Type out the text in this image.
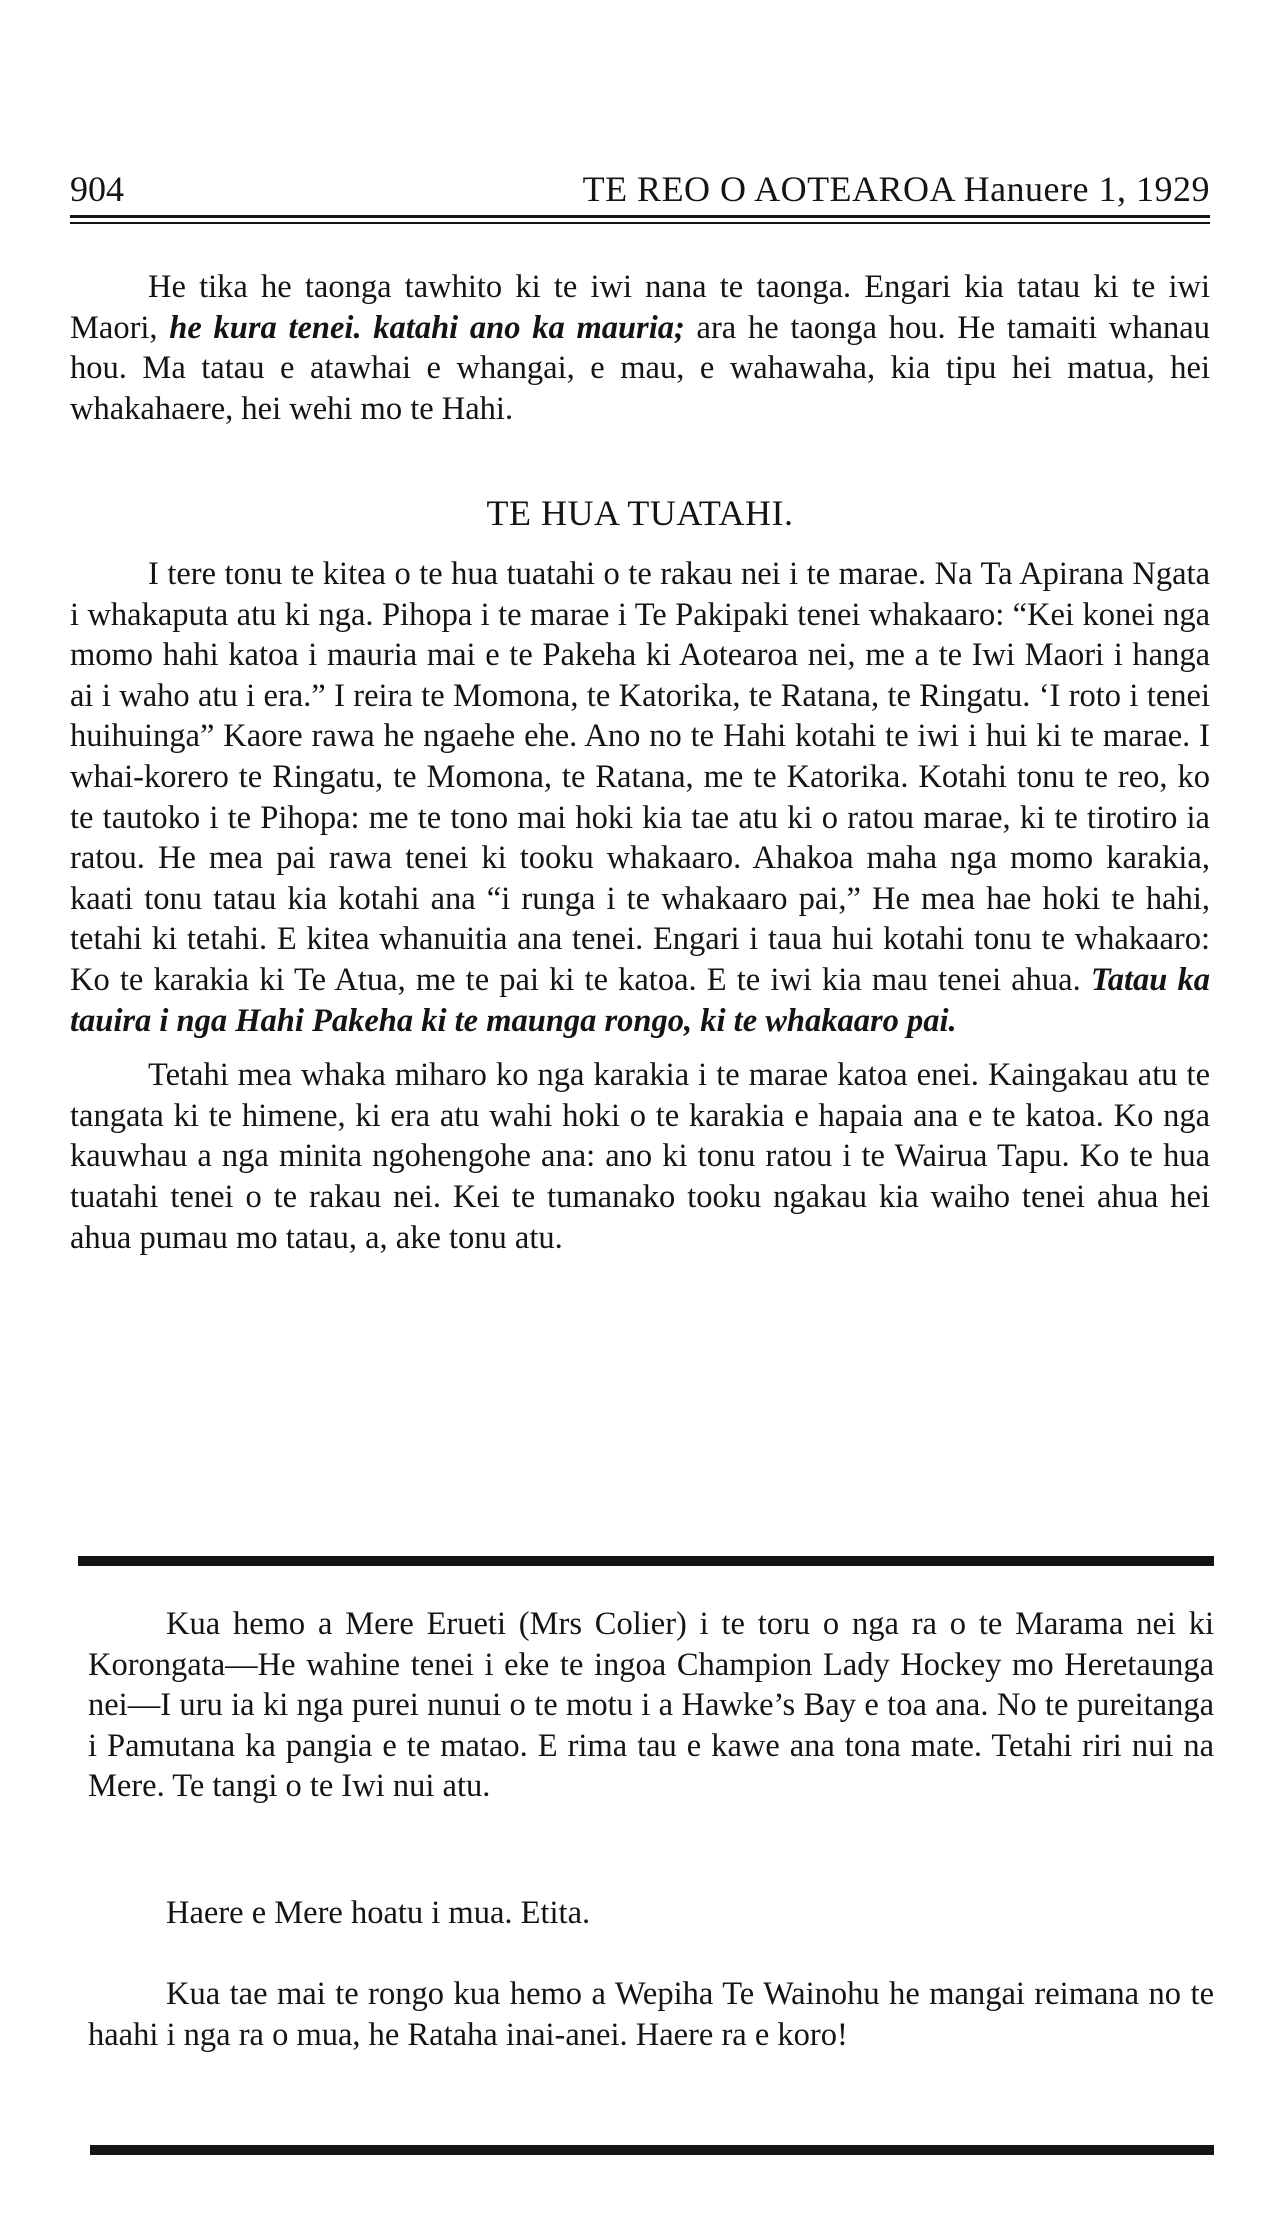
904	TE REO O AOTEAROA Hanuere 1, 1929

He tika he taonga tawhito ki te iwi nana te taonga. Engari kia tatau ki te iwi Maori, he kura tenei. katahi ano ka mauria; ara he taonga hou. He tamaiti whanau hou. Ma tatau e atawhai e whangai, e mau, e wahawaha, kia tipu hei matua, hei whakahaere, hei wehi mo te Hahi.

TE HUA TUATAHI.

I tere tonu te kitea o te hua tuatahi o te rakau nei i te marae. Na Ta Apirana Ngata i whakaputa atu ki nga. Pihopa i te marae i Te Pakipaki tenei whakaaro: “Kei konei nga momo hahi katoa i mauria mai e te Pakeha ki Aotearoa nei, me a te Iwi Maori i hanga ai i waho atu i era.” I reira te Momona, te Katorika, te Ratana, te Ringatu. ‘I roto i tenei huihuinga” Kaore rawa he ngaehe ehe. Ano no te Hahi kotahi te iwi i hui ki te marae. I whai-korero te Ringatu, te Momona, te Ratana, me te Katorika. Kotahi tonu te reo, ko te tautoko i te Pihopa: me te tono mai hoki kia tae atu ki o ratou marae, ki te tirotiro ia ratou. He mea pai rawa tenei ki tooku whakaaro. Ahakoa maha nga momo karakia, kaati tonu tatau kia kotahi ana “i runga i te whakaaro pai,” He mea hae hoki te hahi, tetahi ki tetahi. E kitea whanuitia ana tenei. Engari i taua hui kotahi tonu te whakaaro: Ko te karakia ki Te Atua, me te pai ki te katoa. E te iwi kia mau tenei ahua. Tatau ka tauira i nga Hahi Pakeha ki te maunga rongo, ki te whakaaro pai.

Tetahi mea whaka miharo ko nga karakia i te marae katoa enei. Kaingakau atu te tangata ki te himene, ki era atu wahi hoki o te karakia e hapaia ana e te katoa. Ko nga kauwhau a nga minita ngohengohe ana: ano ki tonu ratou i te Wairua Tapu. Ko te hua tuatahi tenei o te rakau nei. Kei te tumanako tooku ngakau kia waiho tenei ahua hei ahua pumau mo tatau, a, ake tonu atu.

Kua hemo a Mere Erueti (Mrs Colier) i te toru o nga ra o te Marama nei ki Korongata—He wahine tenei i eke te ingoa Champion Lady Hockey mo Heretaunga nei—I uru ia ki nga purei nunui o te motu i a Hawke’s Bay e toa ana. No te pureitanga i Pamutana ka pangia e te matao. E rima tau e kawe ana tona mate. Tetahi riri nui na Mere. Te tangi o te Iwi nui atu.

Haere e Mere hoatu i mua. Etita.

Kua tae mai te rongo kua hemo a Wepiha Te Wainohu he mangai reimana no te haahi i nga ra o mua, he Rataha inai-anei. Haere ra e koro!
